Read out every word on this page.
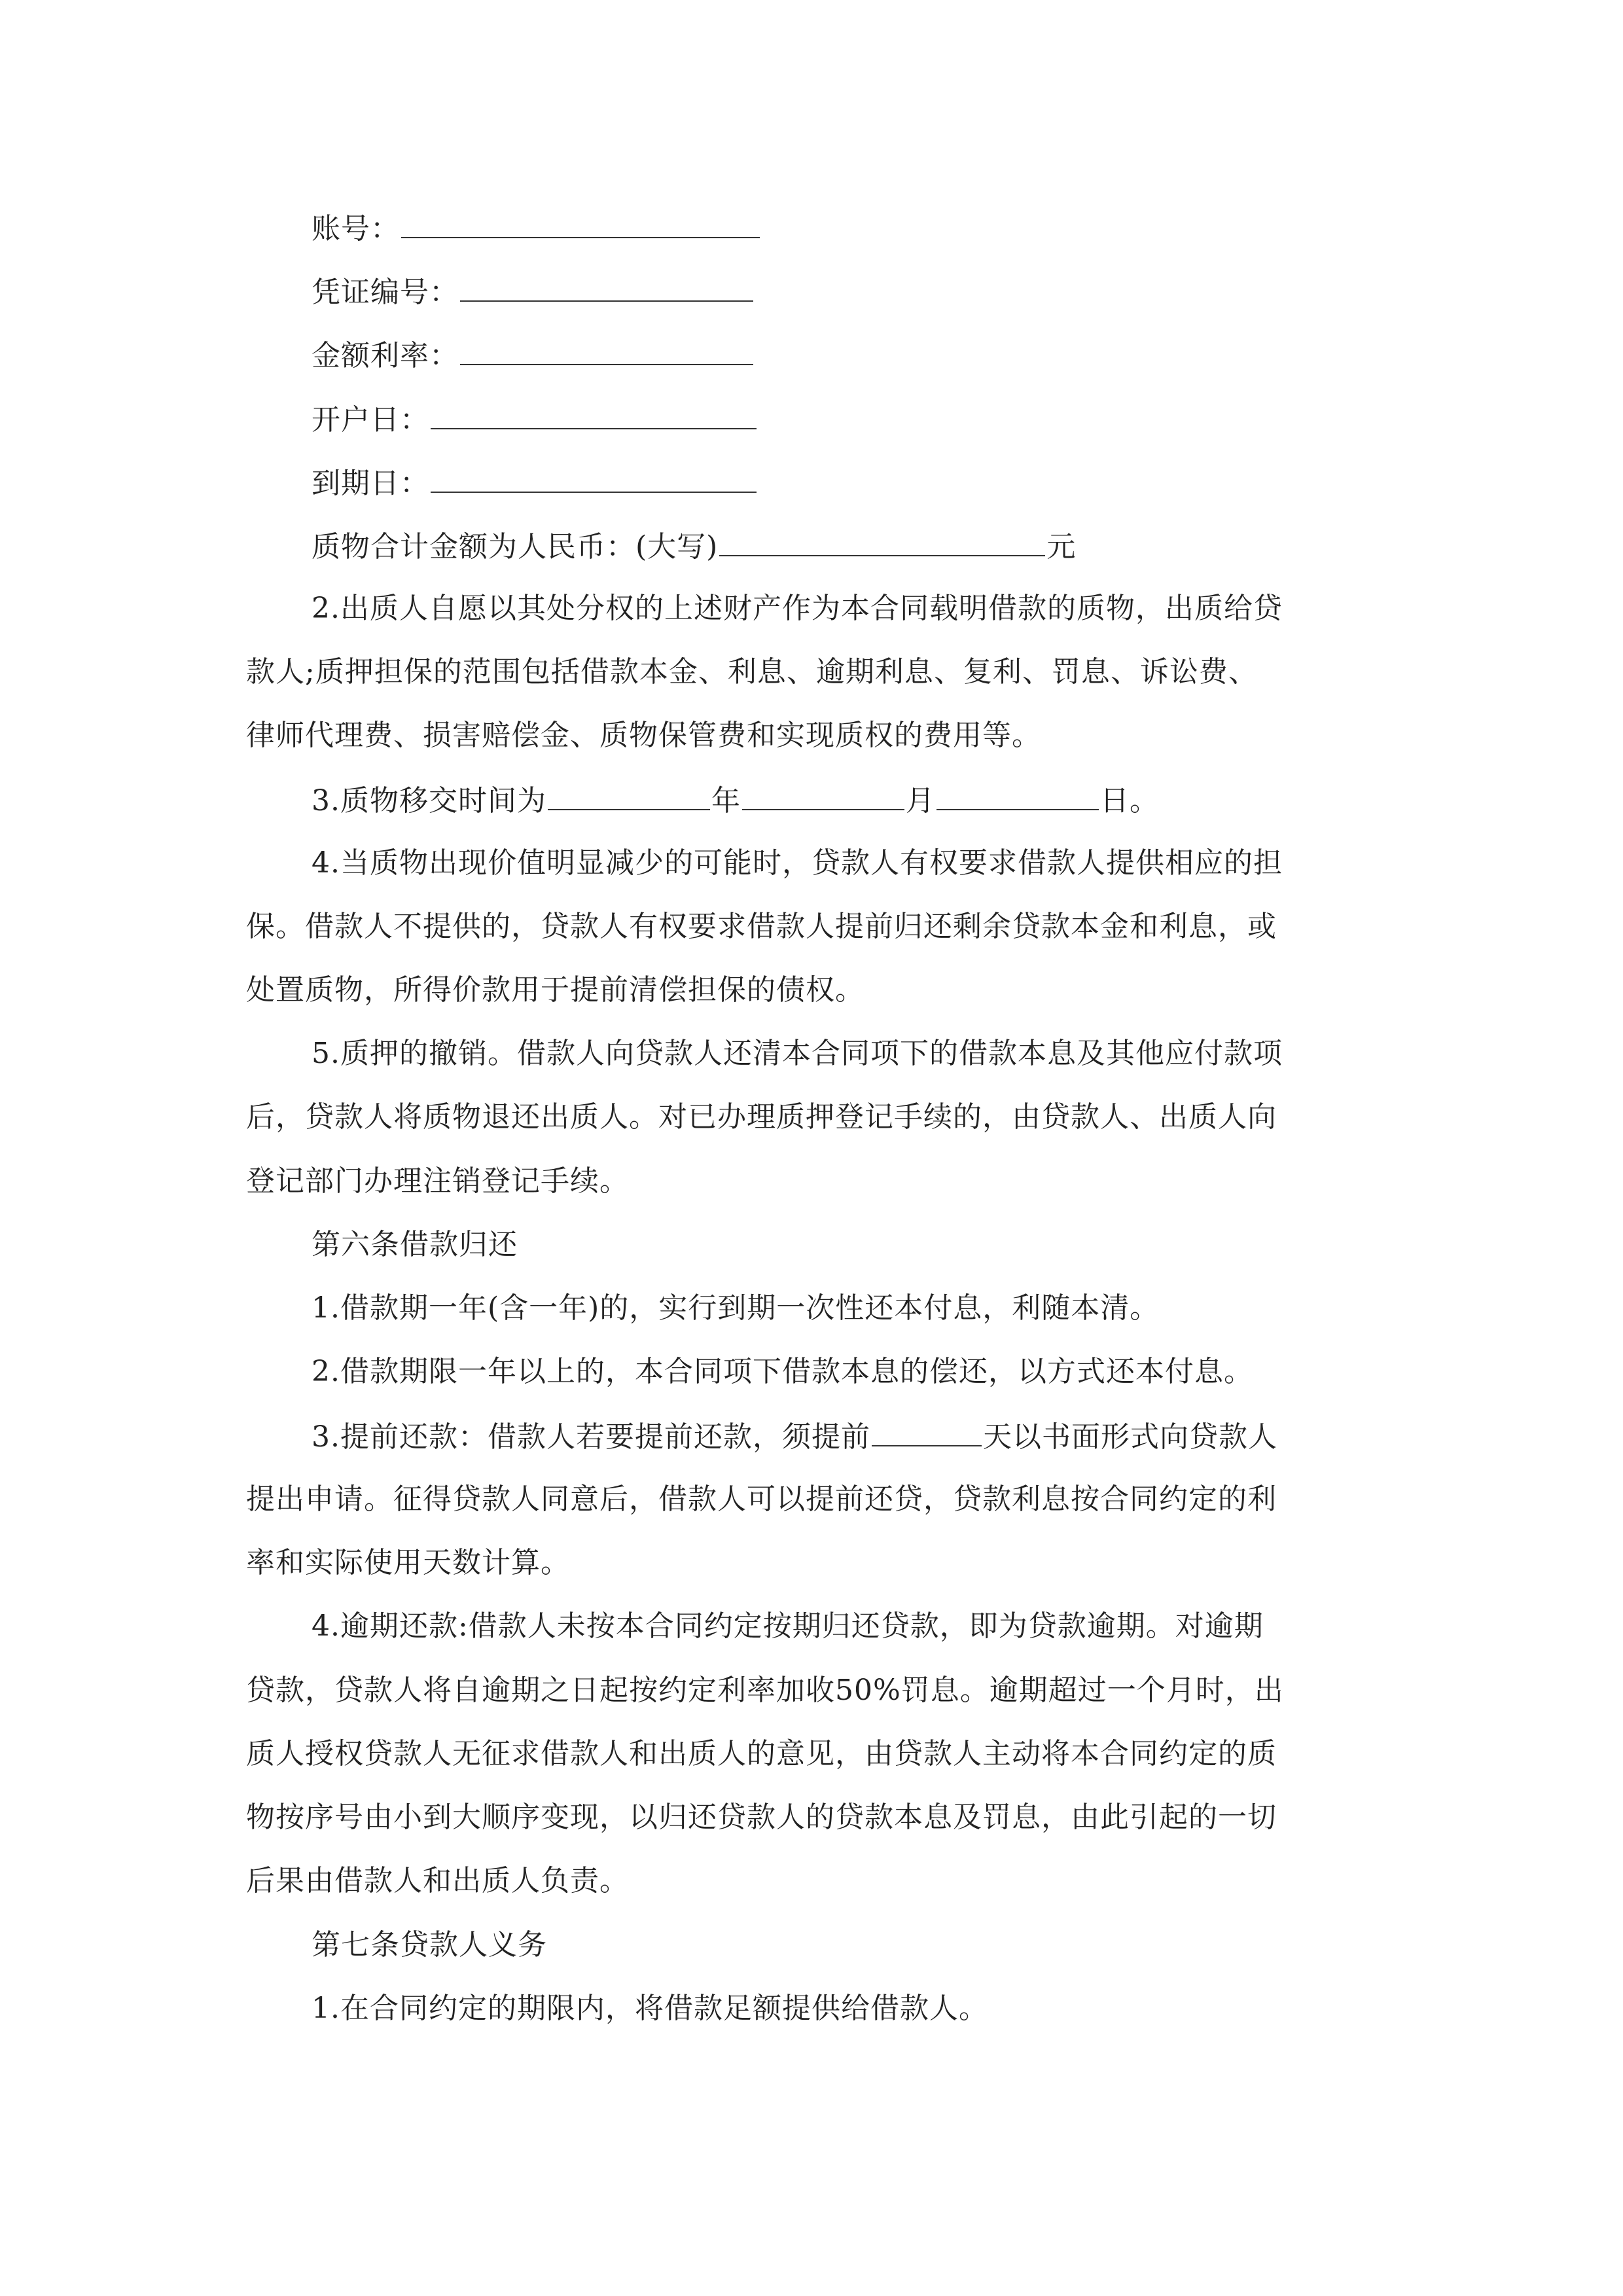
账号：
凭证编号：
金额利率：
开户日：
到期日：
质物合计金额为人民币：(大写)	元
2.出质人自愿以其处分权的上述财产作为本合同载明借款的质物，出质给贷
款人;质押担保的范围包括借款本金、利息、逾期利息、复利、罚息、诉讼费、
律师代理费、损害赔偿金、质物保管费和实现质权的费用等。
3.质物移交时间为	年	月	日。
4.当质物出现价值明显减少的可能时，贷款人有权要求借款人提供相应的担
保。借款人不提供的，贷款人有权要求借款人提前归还剩余贷款本金和利息，或
处置质物，所得价款用于提前清偿担保的债权。
5.质押的撤销。借款人向贷款人还清本合同项下的借款本息及其他应付款项
后，贷款人将质物退还出质人。对已办理质押登记手续的，由贷款人、出质人向
登记部门办理注销登记手续。
第六条借款归还
1.借款期一年(含一年)的，实行到期一次性还本付息，利随本清。
2.借款期限一年以上的，本合同项下借款本息的偿还，以方式还本付息。
3.提前还款：借款人若要提前还款，须提前	天以书面形式向贷款人
提出申请。征得贷款人同意后，借款人可以提前还贷，贷款利息按合同约定的利
率和实际使用天数计算。
4.逾期还款:借款人未按本合同约定按期归还贷款，即为贷款逾期。对逾期
贷款，贷款人将自逾期之日起按约定利率加收50%罚息。逾期超过一个月时，出
质人授权贷款人无征求借款人和出质人的意见，由贷款人主动将本合同约定的质
物按序号由小到大顺序变现，以归还贷款人的贷款本息及罚息，由此引起的一切
后果由借款人和出质人负责。
第七条贷款人义务
1.在合同约定的期限内，将借款足额提供给借款人。
